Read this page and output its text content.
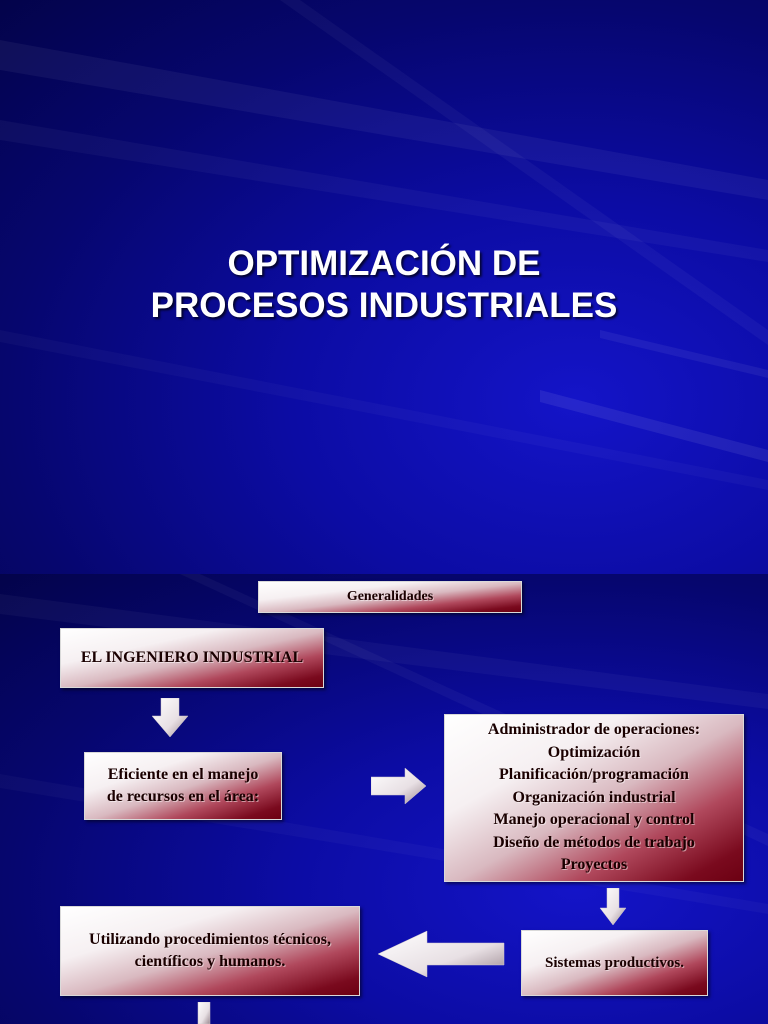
OPTIMIZACIÓN DE
PROCESOS INDUSTRIALES
Generalidades
EL INGENIERO INDUSTRIAL
Eficiente en el manejo
de recursos en el área:
Administrador de operaciones:
Optimización
Planificación/programación
Organización industrial
Manejo operacional y control
Diseño de métodos de trabajo
Proyectos
Sistemas productivos.
Utilizando procedimientos técnicos,
científicos y humanos.
